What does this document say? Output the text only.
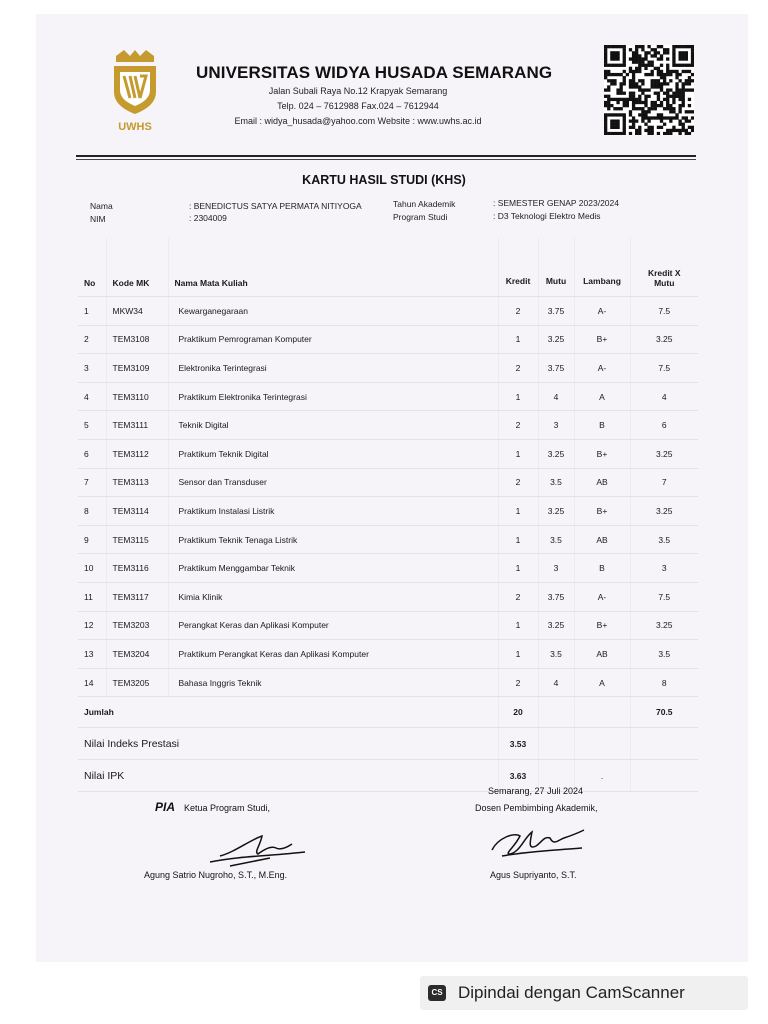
UWHS
UNIVERSITAS WIDYA HUSADA SEMARANG
Jalan Subali Raya No.12 Krapyak Semarang
Telp. 024 – 7612988 Fax.024 – 7612944
Email : widya_husada@yahoo.com Website : www.uwhs.ac.id
KARTU HASIL STUDI (KHS)
Nama	: BENEDICTUS SATYA PERMATA NITIYOGA
NIM	: 2304009
Tahun Akademik	: SEMESTER GENAP 2023/2024
Program Studi	: D3 Teknologi Elektro Medis
No	Kode MK	Nama Mata Kuliah	Kredit	Mutu	Lambang	Kredit X
Mutu

1	MKW34	Kewarganegaraan	2	3.75	A-	7.5
2	TEM3108	Praktikum Pemrograman Komputer	1	3.25	B+	3.25
3	TEM3109	Elektronika Terintegrasi	2	3.75	A-	7.5
4	TEM3110	Praktikum Elektronika Terintegrasi	1	4	A	4
5	TEM3111	Teknik Digital	2	3	B	6
6	TEM3112	Praktikum Teknik Digital	1	3.25	B+	3.25
7	TEM3113	Sensor dan Transduser	2	3.5	AB	7
8	TEM3114	Praktikum Instalasi Listrik	1	3.25	B+	3.25
9	TEM3115	Praktikum Teknik Tenaga Listrik	1	3.5	AB	3.5
10	TEM3116	Praktikum Menggambar Teknik	1	3	B	3
11	TEM3117	Kimia Klinik	2	3.75	A-	7.5
12	TEM3203	Perangkat Keras dan Aplikasi Komputer	1	3.25	B+	3.25
13	TEM3204	Praktikum Perangkat Keras dan Aplikasi Komputer	1	3.5	AB	3.5
14	TEM3205	Bahasa Inggris Teknik	2	4	A	8
Jumlah			20			70.5
Nilai Indeks Prestasi			3.53			
Nilai IPK			3.63		.	
PIA Ketua Program Studi,
Agung Satrio Nugroho, S.T., M.Eng.
Semarang, 27 Juli 2024
Dosen Pembimbing Akademik,
Agus Supriyanto, S.T.
CS Dipindai dengan CamScanner
